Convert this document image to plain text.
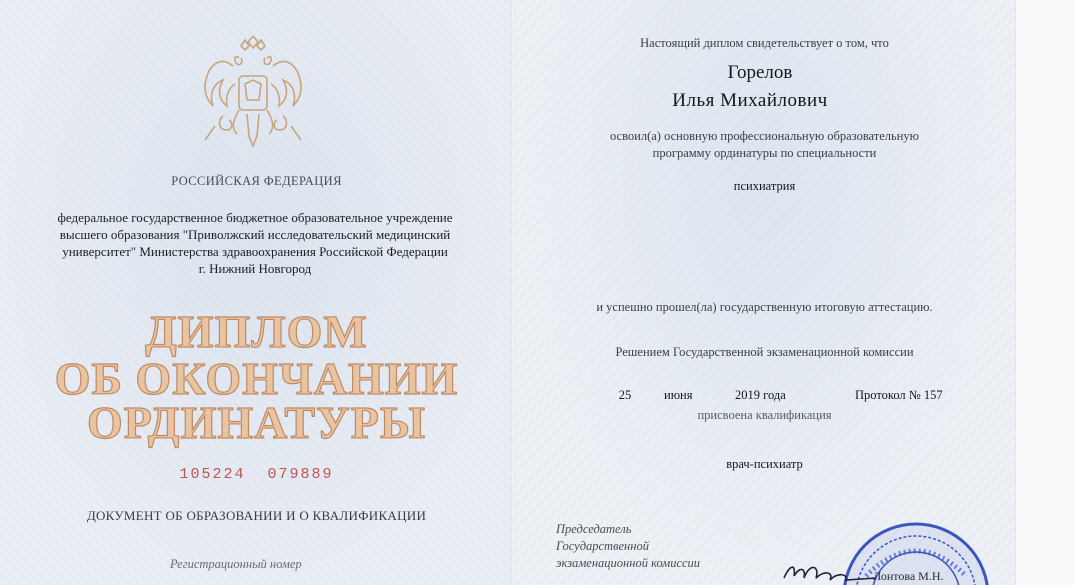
РОССИЙСКАЯ ФЕДЕРАЦИЯ
федеральное государственное бюджетное образовательное учреждение
высшего образования "Приволжский исследовательский медицинский
университет" Министерства здравоохранения Российской Федерации
г. Нижний Новгород
ДИПЛОМ
ОБ ОКОНЧАНИИ
ОРДИНАТУРЫ
105224  079889
ДОКУМЕНТ ОБ ОБРАЗОВАНИИ И О КВАЛИФИКАЦИИ
Регистрационный номер
Настоящий диплом свидетельствует о том, что
Горелов
Илья Михайлович
освоил(а) основную профессиональную образовательную
программу ординатуры по специальности
психиатрия
и успешно прошел(ла) государственную итоговую аттестацию.
Решением Государственной экзаменационной комиссии
25	июня	2019 года	Протокол № 157
присвоена квалификация
врач-психиатр
Председатель
Государственной
экзаменационной комиссии
Лонтова М.Н.
